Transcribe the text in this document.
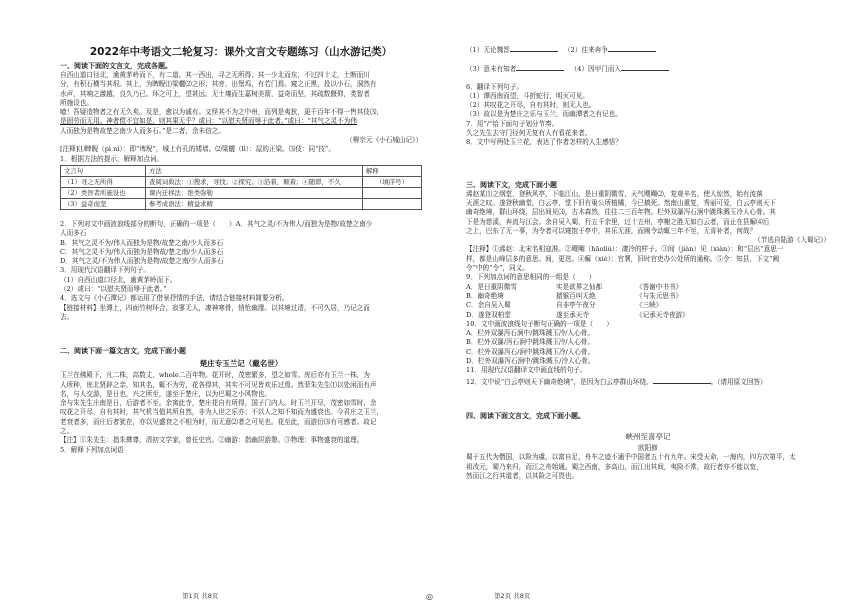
2022年中考语文二轮复习：课外文言文专题练习（山水游记类）

一、阅读下面的文言文，完成各题。

自西山道口径北，逾黄茅岭而下，有二道。其一西出，寻之无所得；其一少北而东，不过四十丈，土断而川

分，有积石横当其垠。其上，为睥睨⑴梁欐⑵之形；其旁，出堡坞，有若门焉。窥之正黑，投以小石，洞然有

水声，其响之激越，良久乃已。环之可上，望甚远。无土壤而生嘉树美箭，益奇而坚，其疏数偃仰，类智者

所施设也。

噫！吾疑造物者之有无久矣。及是，愈以为诚有。又怪其不为之中州，而列是夷狄，更千百年不得一售其伎⑶，

是固劳而无用。神者傥不宜如是，则其果无乎？或曰：“以慰夫贤而辱于此者。”或曰：“其气之灵不为伟

人而独为是物故楚之南少人而多石。”是二者，余未信之。

（柳宗元《小石城山记》）

[注释]⑴睥睨（pì nì）：即“埤堄”，城上有孔的矮墙。⑵梁欐（lì）：屋的正梁。⑶伎：同“技”。

1．根据方法的提示，解释加点词。

文言句	方法	解释
（1）寻之无所得	查阅词典法：①搜求，寻找；②探究；③沿着，顺着；④随即，不久	（填序号）
（2）类智者所施设也	课内迁移法：绝类弥勒	
（3）益奇而坚	参考成语法：精益求精	

2．下列对文中画波浪线部分的断句，正确的一项是（　　）A．其气之灵/不为伟人/而独为是物/故楚之南少

人而多石

B．其气之灵不为/伟人而独为是物/故楚之南/少人而多石

C．其气之灵不为/伟人而独为是物故/楚之南/少人而多石

D．其气之灵/不为伟人而独为是物/故楚之南/少人而多石

3．用现代汉语翻译下列句子。

（1）自西山道口径北，逾黄茅岭而下。

（2）或曰：“以慰夫贤而辱于此者。”

4．选文与《小石潭记》都运用了借景抒情的手法，请结合链接材料简要分析。

【链接材料】坐潭上，四面竹树环合，寂寥无人，凄神寒骨，悄怆幽邃。以其境过清，不可久居，乃记之而

去。

二、阅读下面一篇文言文，完成下面小题

楚庄专玉兰记（戴名世）

玉兰在佛殿下，凡二株，高数丈，whole二百年物。花开时，茂密繁多，望之如雪。庑后亦有玉兰一株，为

人所种，庑北贤辟之亲，知其名，辄不为劳，花各得其，其实不可见皆欢乐过焉。然菲朱先生⑴以处闲而有声

名，与人交游，是日也，兴之所至，遂至于楚庄，以为巴蜀之小风物也。

余与朱先生庄南是日，后游者不至。余寓此寺，楚庄花自有所得，国子门内人。时玉兰开尽，茂密如雪时，余

叹花之开尽，自有其时，其气机当值其所自然，非为人世之乐亦；不以人之知不知而为盛衰也。今君庄之玉兰，

老衰者多，而庄后者犹在，亦以见盛衰之不相为时，而无意⑵者之可见也。花至此，而游衍⑶有可感者。故记

之。

【注】①朱先生：指朱彝尊，清初文学家，曾任史官。②幽游：指幽居游憩。③物理：事物盛衰的道理。

5．解释下列加点词语

第1页 共8页	◎

（1）无论魏晋	（2）往来奔争

（3）意未有知者	（4）因甲门而入

6．翻译下列句子。

（1）潭西南而望，斗折蛇行，明灭可见。

（2）其叹花之开尽，自有其时，则无人也。

（3）故以是为楚庄之乐与玉兰，而幽潭者之有记也。

7．用“/”给下面句子划分节奏。

久之先生去守门径何无复有人有看花来者。

8．文中写两处玉兰花，表达了作者怎样的人生感悟？

三、阅读下文，完成下面小题

浠赵某⑴之纲堂，登秋风亭，下临江山，是日重阴微雪，天气飕飗⑵，复观辛名，使人惊然，始有流落

天涯之叹。遂登秋幽堂，白云亭，堂下旧有巢公所植橘，今已槁死。然南山重复，秀丽可爱，白云亭则天下

幽奇绝境，群山环绕，层出间见⑶，古木森然，往往二三百年物。栏外双瀑泻石涧中跳珠溅玉冷人心骨。其

下是为慈溪，奔流与江会。余自吴入蜀，行五千余里，过十五州，亭榭之胜无如白云者，而止在县廨⑷后

之上，巴东了无一事，为令者可以寝饱于亭中，其乐无涯，而阙令动辄三年不至，无肯补者，何哉？

（节选自陆游《入蜀记》）

【注释】①浠赵：北宋名相寇准。②飕飗（hāoliú）：凄冷的样子。③间（jiàn）见（xiàn）：和“层出”意思一

样，都是山峰层多的意思。间，更迭。④廨（xiè）：官署，旧时官吏办公处所的通称。⑤令：知县，下文“阙

令”中的“令”，同义。

9．下列加点词的意思相同的一组是（　　）

A．是日重阴微雪	实是欲界之仙都	《答谢中书书》

B．幽奇绝境	猿猴百叫无绝	《与朱元思书》

C．余自吴入蜀	自非亭午夜分	《三峡》

D．遂登双柏堂	遂至承天寺	《记承天寺夜游》

10．文中画波浪线句子断句正确的一项是（　　）

A．栏外双瀑泻石涧中/跳珠溅玉冷/人心骨。

B．栏外双瀑/泻石涧中跳珠溅玉冷/人心骨。

C．栏外双瀑泻石/涧中跳珠溅玉冷/人心骨。

D．栏外双瀑泻石涧中/跳珠溅玉/冷人心骨。

11．用现代汉语翻译文中画直线的句子。

12．文中说“白云亭则天下幽奇绝境”，是因为白云亭群山环绕、	。（请用原文回答）

四、阅读下面文言文，完成下面小题。

峡州至喜亭记

欧阳修

蜀于五代为僭国，以险为虞，以富自足，舟车之迹不通乎中国者五十有九年。宋受天命，一海内，四方次第平，太

祖改元，蜀乃来归，而江之舟始通。蜀之西南，多高山，而江出其间，夷险不常，故行者亦不能以宽，

然而江之行其道者，以其险之可畏也。

第2页 共8页
